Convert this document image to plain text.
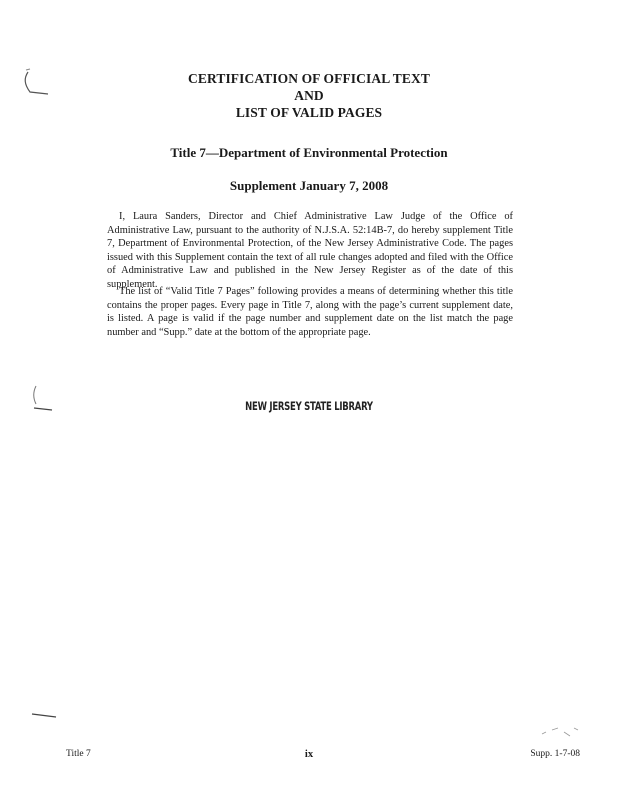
CERTIFICATION OF OFFICIAL TEXT
AND
LIST OF VALID PAGES
Title 7—Department of Environmental Protection
Supplement January 7, 2008

I, Laura Sanders, Director and Chief Administrative Law Judge of the Office of Administrative Law, pursuant to the authority of N.J.S.A. 52:14B-7, do hereby supplement Title 7, Department of Environmental Protection, of the New Jersey Administrative Code. The pages issued with this Supplement contain the text of all rule changes adopted and filed with the Office of Administrative Law and published in the New Jersey Register as of the date of this supplement.

The list of “Valid Title 7 Pages” following provides a means of determining whether this title contains the proper pages. Every page in Title 7, along with the page’s current supplement date, is listed. A page is valid if the page number and supplement date on the list match the page number and “Supp.” date at the bottom of the appropriate page.

NEW JERSEY STATE LIBRARY
Title 7	ix	Supp. 1-7-08
